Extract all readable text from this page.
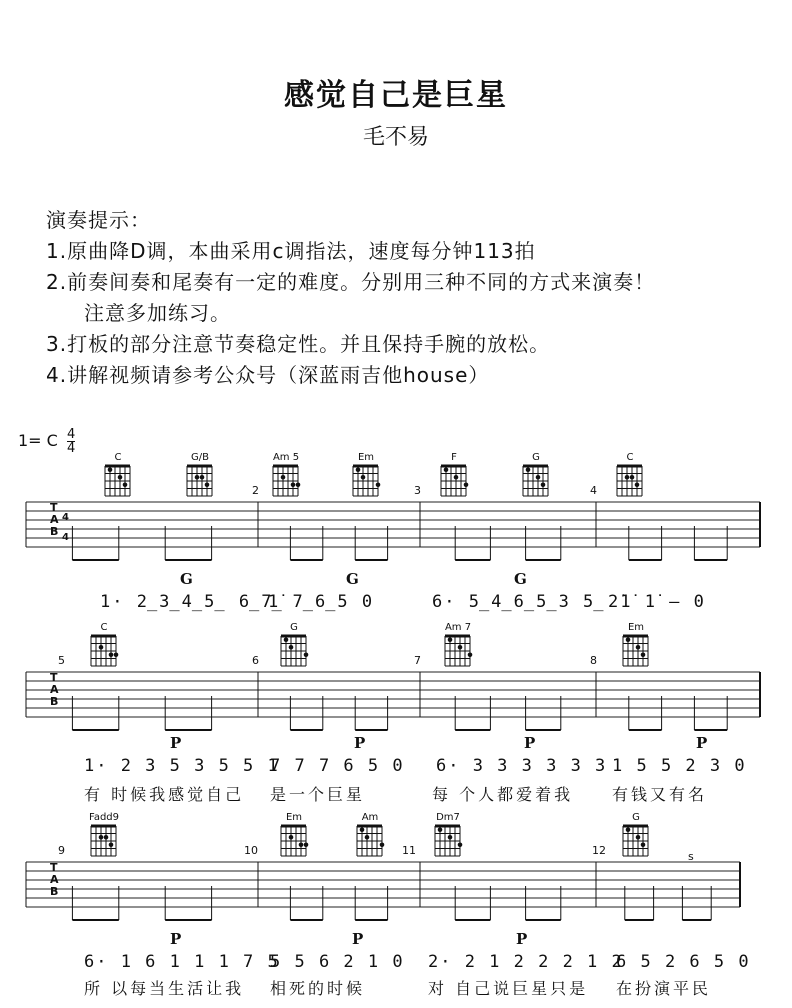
感觉自己是巨星
毛不易
演奏提示：
1.原曲降D调，本曲采用c调指法，速度每分钟113拍
2.前奏间奏和尾奏有一定的难度。分别用三种不同的方式来演奏！
注意多加练习。
3.打板的部分注意节奏稳定性。并且保持手腕的放松。
4.讲解视频请参考公众号（深蓝雨吉他house）
1= C $\frac{4}{4}$
C	G/B	Am 5	Em	F	G	C
2	3	4
T
A
B
4
4
G	G	G
1· 2̲3̲4̲5̲ 6̲7̲
1̇ 7̲6̲5 0	6· 5̲4̲6̲5̲3 5̲ 2̇1̇ 1̇ — 0
C	G	Am 7	Em
5	6	7	8
T
A
B
P	P	P	P
1· 2 3 5 3 5 5 1
7 7 7 6 5 0 6· 3 3 3 3 3 3 1 5 5 2 3 0
有 时候我感觉自己 是一个巨星	每 个人都爱着我 有钱又有名
Fadd9	Em	Am	Dm7	G
9	10	11	12	s
T
A
B
P	P	P
6· 1 6 1 1 1 7 5
5 5 6 2 1 0 2· 2 1 2 2 2 1 2
6 5 2 6 5 0
所 以每当生活让我 相死的时候	对 自己说巨星只是 在扮演平民
